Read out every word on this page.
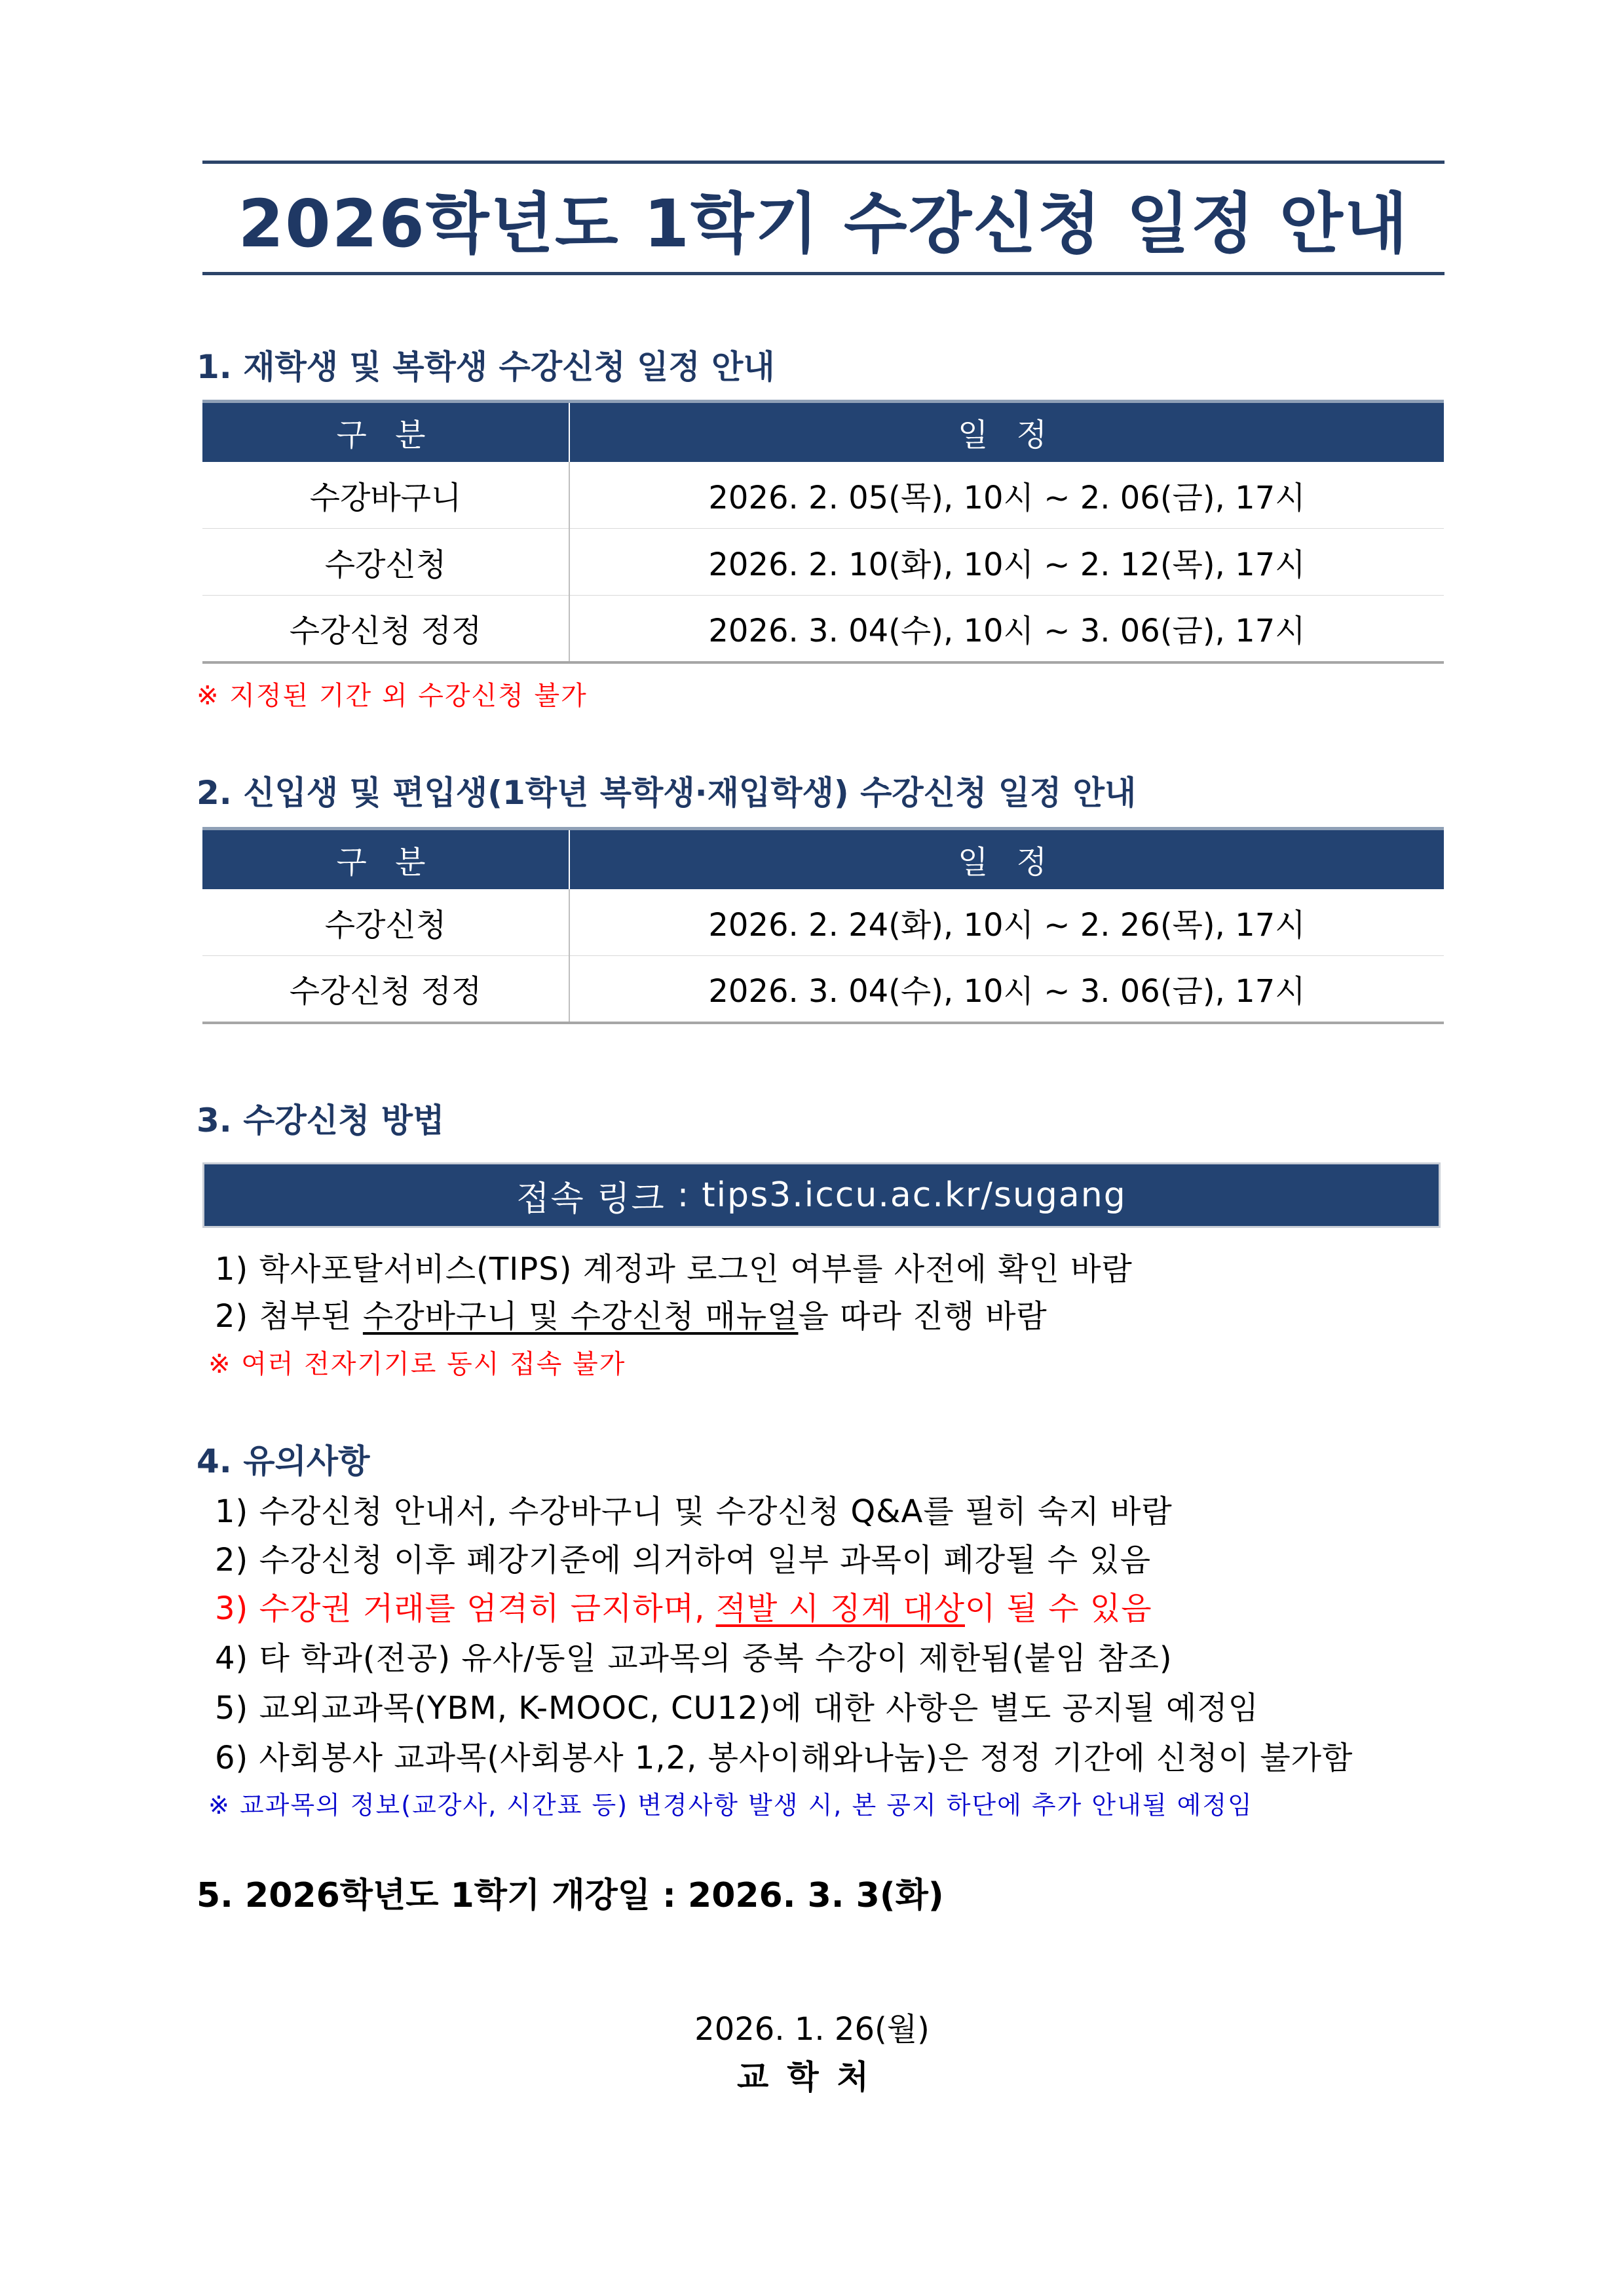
2026학년도 1학기 수강신청 일정 안내
1. 재학생 및 복학생 수강신청 일정 안내
구 분	일 정
수강바구니	2026. 2. 05(목), 10시 ~ 2. 06(금), 17시
수강신청	2026. 2. 10(화), 10시 ~ 2. 12(목), 17시
수강신청 정정	2026. 3. 04(수), 10시 ~ 3. 06(금), 17시
※ 지정된 기간 외 수강신청 불가
2. 신입생 및 편입생(1학년 복학생·재입학생) 수강신청 일정 안내
구 분	일 정
수강신청	2026. 2. 24(화), 10시 ~ 2. 26(목), 17시
수강신청 정정	2026. 3. 04(수), 10시 ~ 3. 06(금), 17시
3. 수강신청 방법
접속 링크 : tips3.iccu.ac.kr/sugang
1) 학사포탈서비스(TIPS) 계정과 로그인 여부를 사전에 확인 바람
2) 첨부된 수강바구니 및 수강신청 매뉴얼을 따라 진행 바람
※ 여러 전자기기로 동시 접속 불가
4. 유의사항
1) 수강신청 안내서, 수강바구니 및 수강신청 Q&A를 필히 숙지 바람
2) 수강신청 이후 폐강기준에 의거하여 일부 과목이 폐강될 수 있음
3) 수강권 거래를 엄격히 금지하며, 적발 시 징계 대상이 될 수 있음
4) 타 학과(전공) 유사/동일 교과목의 중복 수강이 제한됨(붙임 참조)
5) 교외교과목(YBM, K-MOOC, CU12)에 대한 사항은 별도 공지될 예정임
6) 사회봉사 교과목(사회봉사 1,2, 봉사이해와나눔)은 정정 기간에 신청이 불가함
※ 교과목의 정보(교강사, 시간표 등) 변경사항 발생 시, 본 공지 하단에 추가 안내될 예정임
5. 2026학년도 1학기 개강일 : 2026. 3. 3(화)
2026. 1. 26(월)
교학처
